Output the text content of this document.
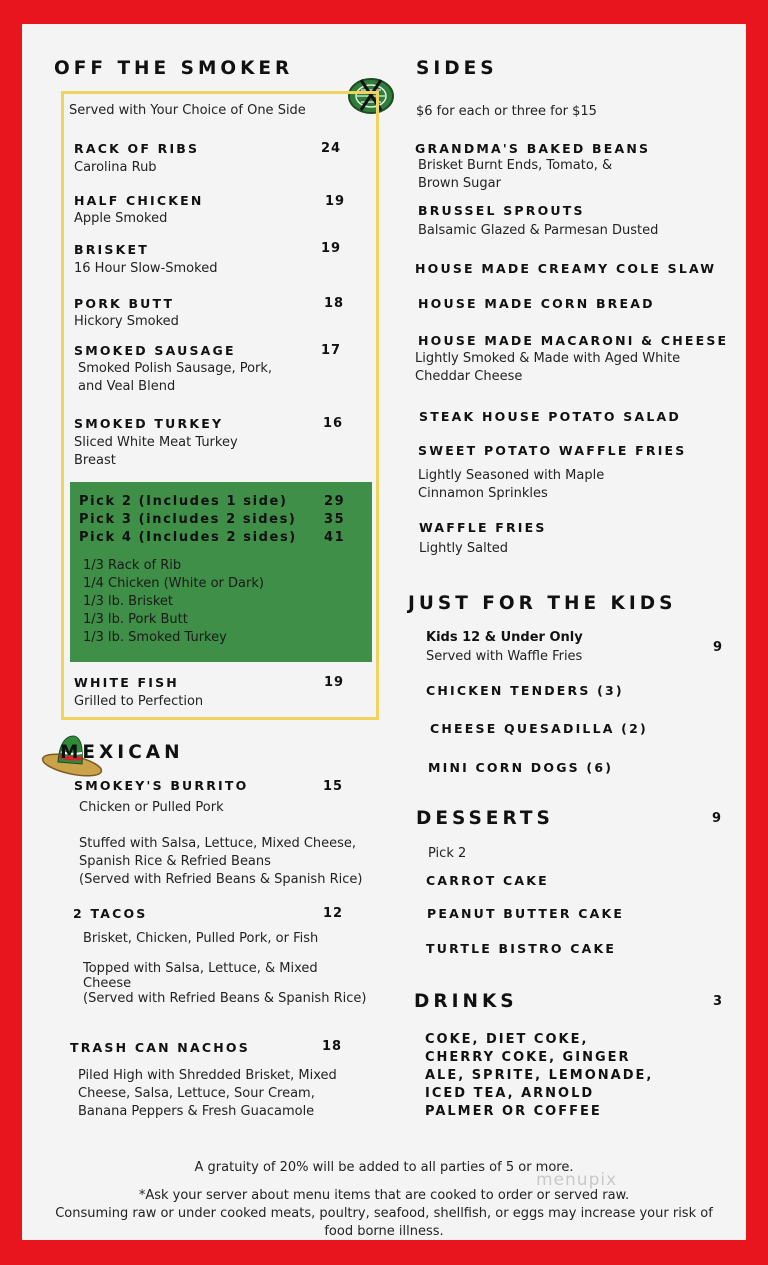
OFF THE SMOKER
Served with Your Choice of One Side
RACK OF RIBS	24
Carolina Rub
HALF CHICKEN	19
Apple Smoked
BRISKET	19
16 Hour Slow-Smoked
PORK BUTT	18
Hickory Smoked
SMOKED SAUSAGE	17
Smoked Polish Sausage, Pork,
and Veal Blend
SMOKED TURKEY	16
Sliced White Meat Turkey
Breast
Pick 2 (Includes 1 side)	29
Pick 3 (includes 2 sides) 35
Pick 4 (Includes 2 sides) 41
1/3 Rack of Rib
1/4 Chicken (White or Dark)
1/3 lb. Brisket
1/3 lb. Pork Butt
1/3 lb. Smoked Turkey
WHITE FISH	19
Grilled to Perfection
MEXICAN
SMOKEY'S BURRITO	15
Chicken or Pulled Pork
Stuffed with Salsa, Lettuce, Mixed Cheese,
Spanish Rice & Refried Beans
(Served with Refried Beans & Spanish Rice)
2 TACOS	12
Brisket, Chicken, Pulled Pork, or Fish
Topped with Salsa, Lettuce, & Mixed
Cheese
(Served with Refried Beans & Spanish Rice)
TRASH CAN NACHOS	18
Piled High with Shredded Brisket, Mixed
Cheese, Salsa, Lettuce, Sour Cream,
Banana Peppers & Fresh Guacamole
SIDES
$6 for each or three for $15
GRANDMA'S BAKED BEANS
Brisket Burnt Ends, Tomato, &
Brown Sugar
BRUSSEL SPROUTS
Balsamic Glazed & Parmesan Dusted
HOUSE MADE CREAMY COLE SLAW
HOUSE MADE CORN BREAD
HOUSE MADE MACARONI & CHEESE
Lightly Smoked & Made with Aged White
Cheddar Cheese
STEAK HOUSE POTATO SALAD
SWEET POTATO WAFFLE FRIES
Lightly Seasoned with Maple
Cinnamon Sprinkles
WAFFLE FRIES
Lightly Salted
JUST FOR THE KIDS
Kids 12 & Under Only
Served with Waffle Fries
9
CHICKEN TENDERS (3)
CHEESE QUESADILLA (2)
MINI CORN DOGS (6)
DESSERTS	9
Pick 2
CARROT CAKE
PEANUT BUTTER CAKE
TURTLE BISTRO CAKE
DRINKS	3
COKE, DIET COKE,
CHERRY COKE, GINGER
ALE, SPRITE, LEMONADE,
ICED TEA, ARNOLD
PALMER OR COFFEE
A gratuity of 20% will be added to all parties of 5 or more.
menupix
*Ask your server about menu items that are cooked to order or served raw.
Consuming raw or under cooked meats, poultry, seafood, shellfish, or eggs may increase your risk of
food borne illness.
